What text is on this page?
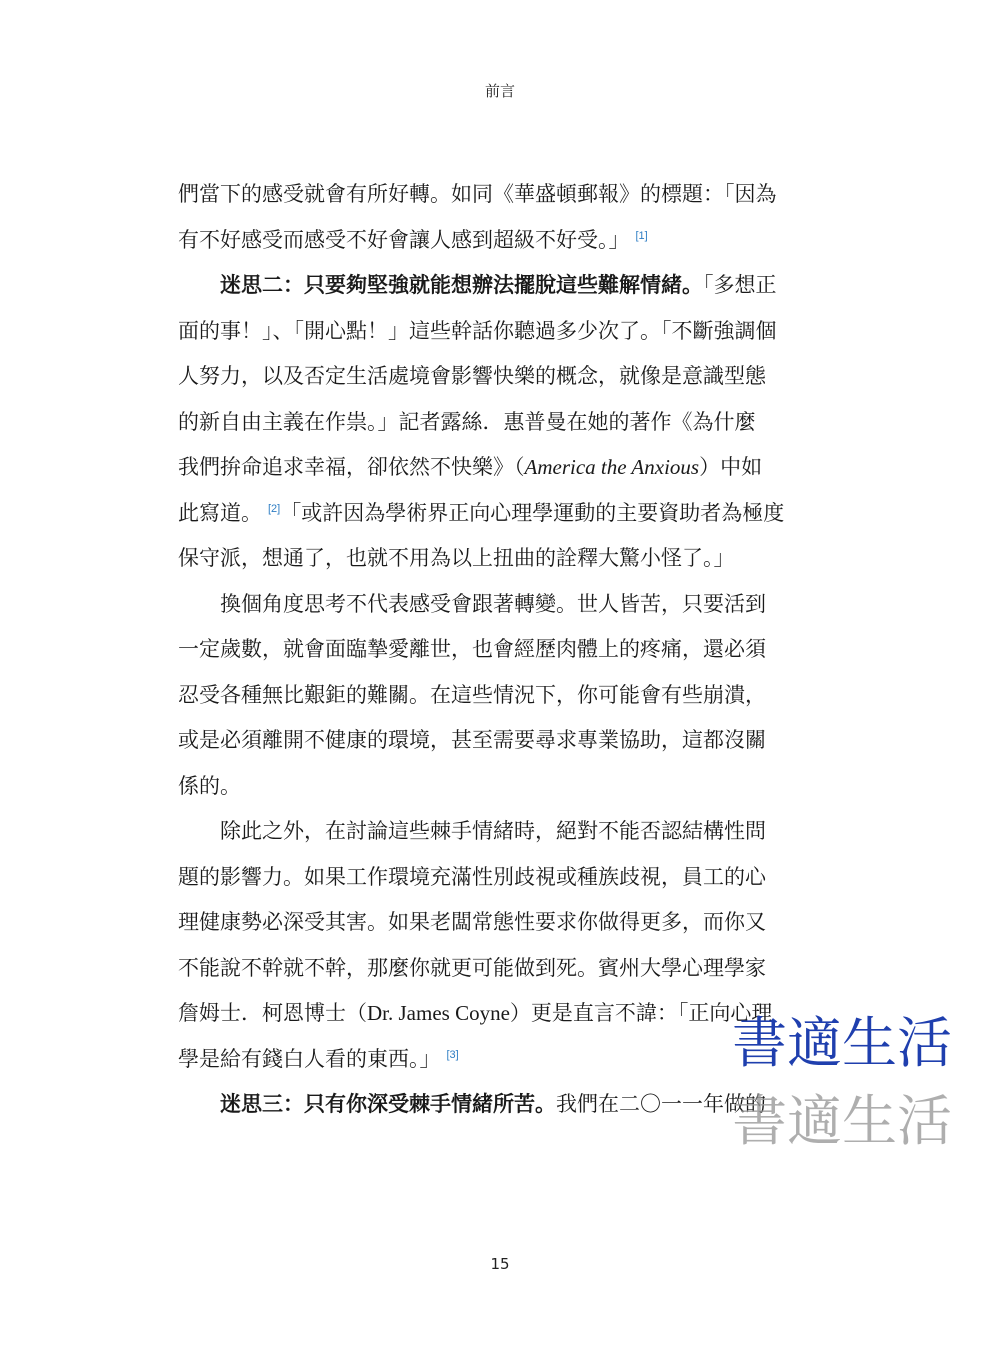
前言

們當下的感受就會有所好轉。如同《華盛頓郵報》的標題：「因為
有不好感受而感受不好會讓人感到超級不好受。」 [1]

迷思二：只要夠堅強就能想辦法擺脫這些難解情緒。「多想正
面的事！」、「開心點！」這些幹話你聽過多少次了。「不斷強調個
人努力，以及否定生活處境會影響快樂的概念，就像是意識型態
的新自由主義在作祟。」記者露絲．惠普曼在她的著作《為什麼
我們拚命追求幸福，卻依然不快樂》（America the Anxious）中如
此寫道。 [2]「或許因為學術界正向心理學運動的主要資助者為極度
保守派，想通了，也就不用為以上扭曲的詮釋大驚小怪了。」

換個角度思考不代表感受會跟著轉變。世人皆苦，只要活到
一定歲數，就會面臨摯愛離世，也會經歷肉體上的疼痛，還必須
忍受各種無比艱鉅的難關。在這些情況下，你可能會有些崩潰，
或是必須離開不健康的環境，甚至需要尋求專業協助，這都沒關
係的。

除此之外，在討論這些棘手情緒時，絕對不能否認結構性問
題的影響力。如果工作環境充滿性別歧視或種族歧視，員工的心
理健康勢必深受其害。如果老闆常態性要求你做得更多，而你又
不能說不幹就不幹，那麼你就更可能做到死。賓州大學心理學家
詹姆士．柯恩博士（Dr. James Coyne）更是直言不諱：「正向心理
學是給有錢白人看的東西。」 [3]

迷思三：只有你深受棘手情緒所苦。我們在二〇一一年做的

書適生活
書適生活
15
